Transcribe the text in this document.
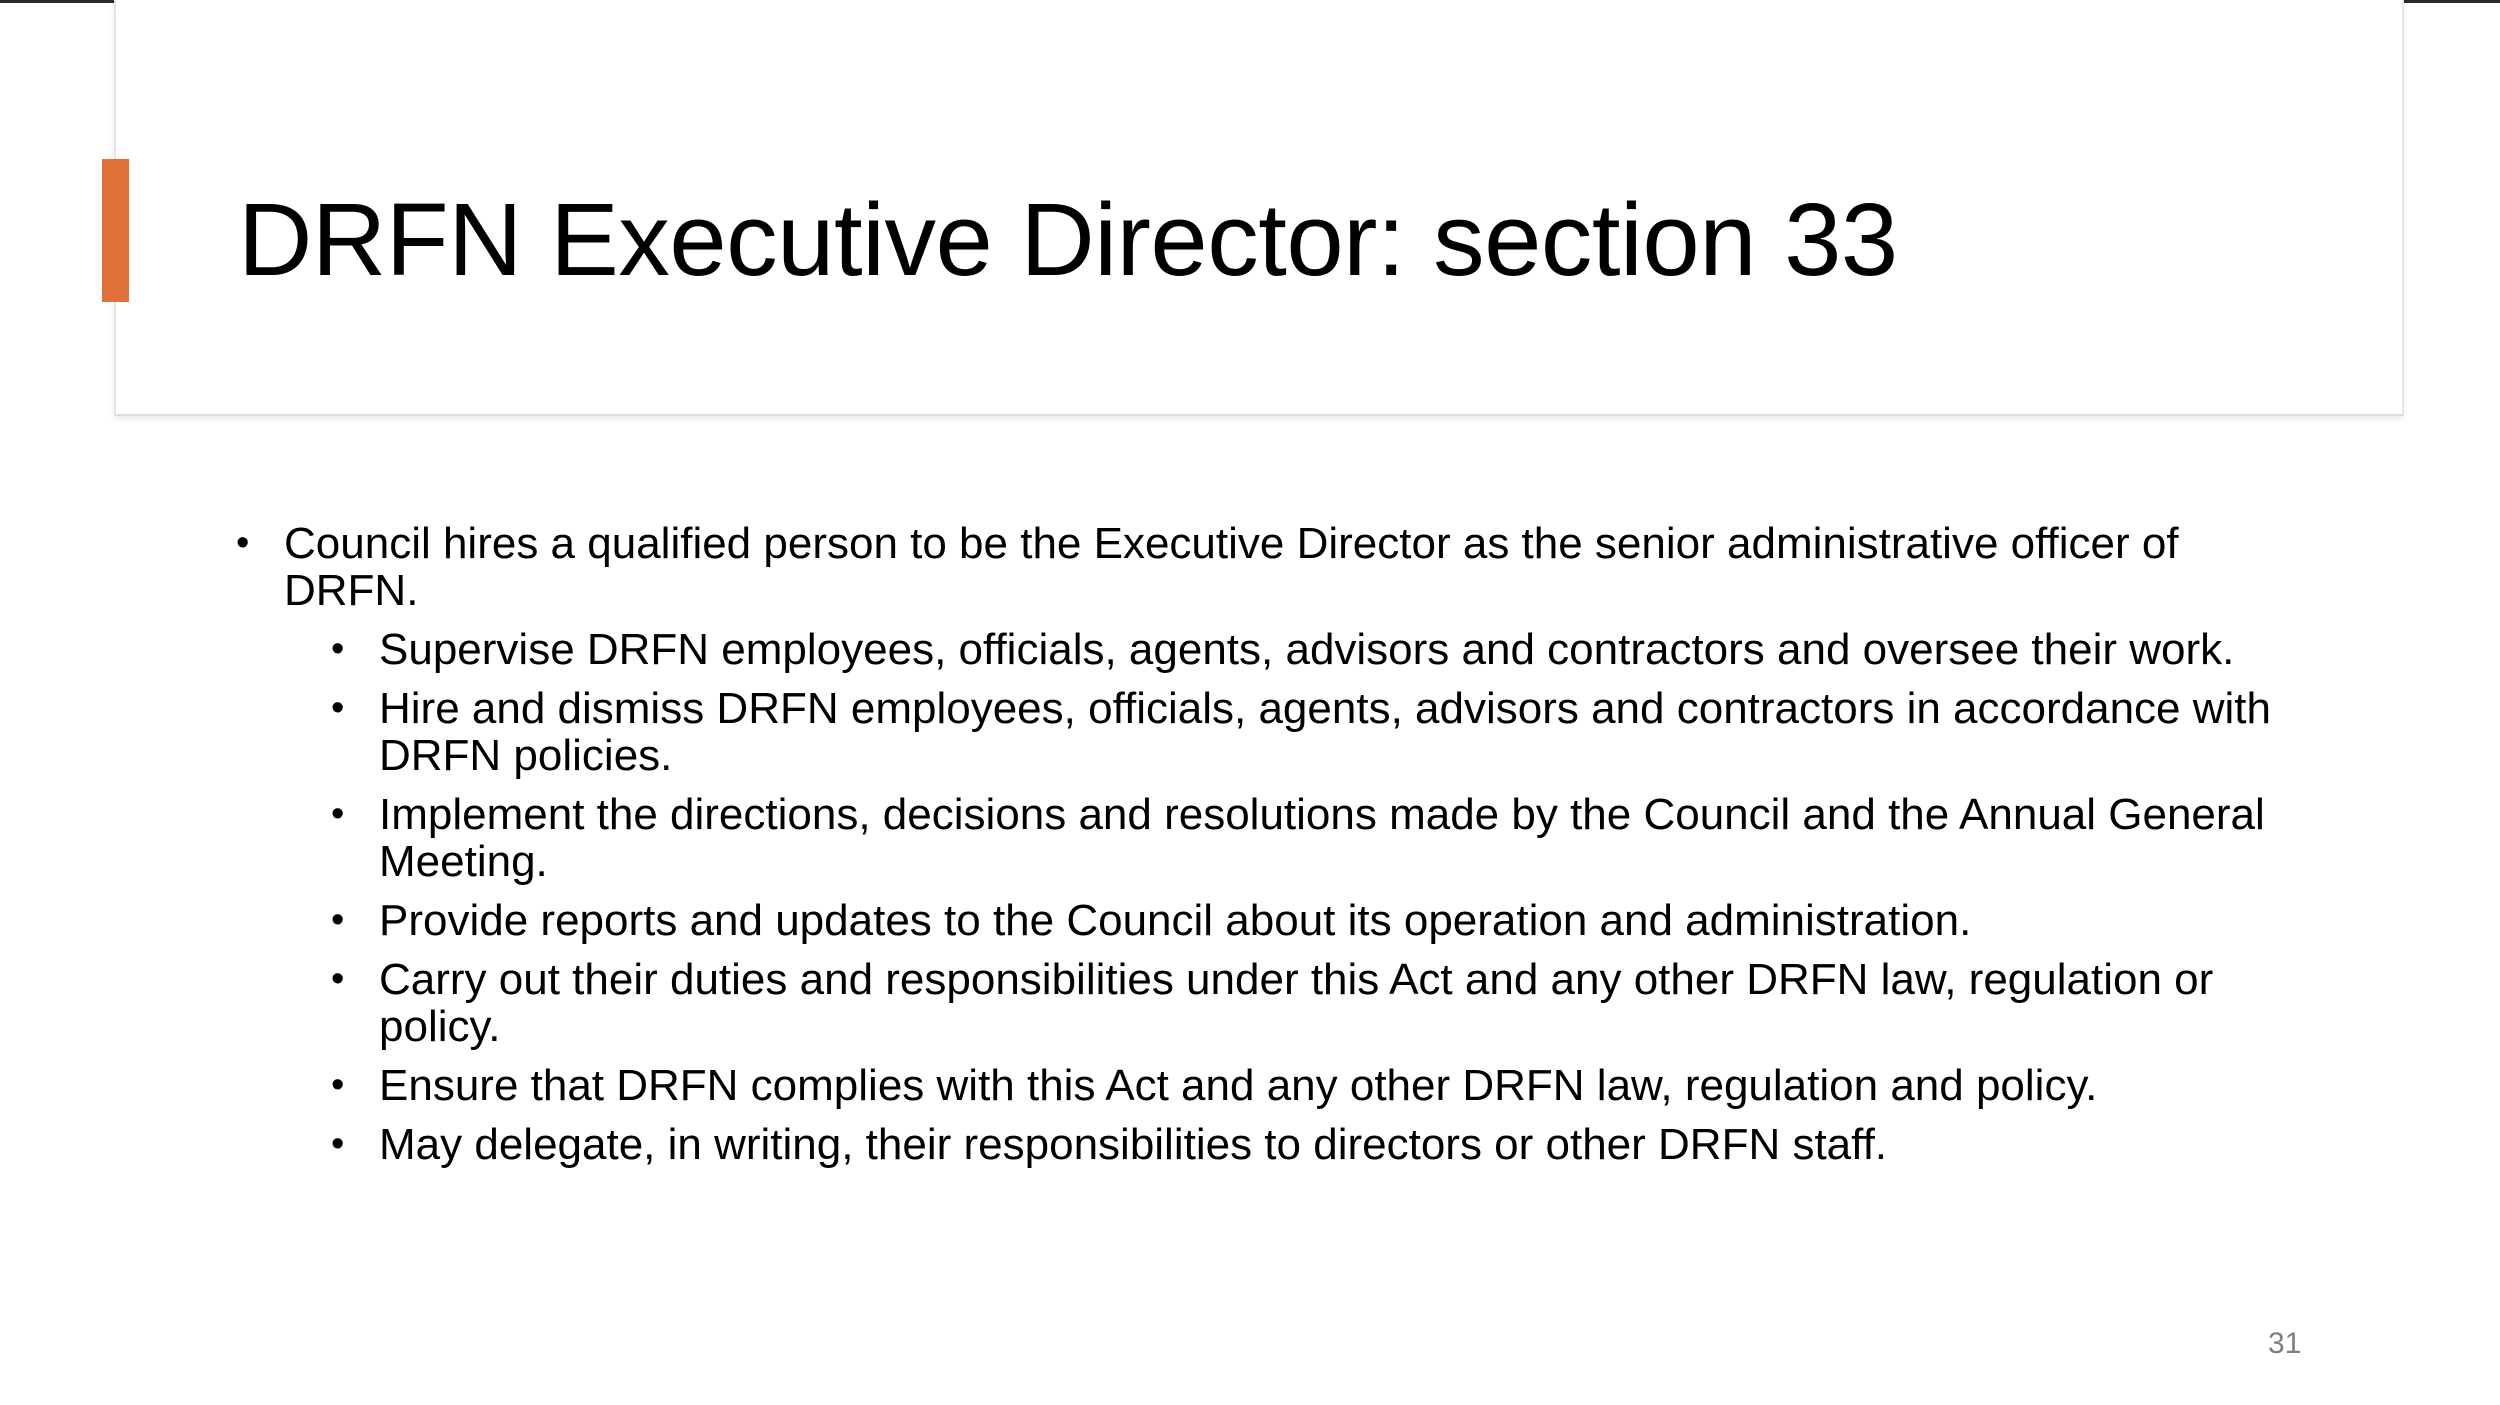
DRFN Executive Director: section 33
• Council hires a qualified person to be the Executive Director as the senior administrative officer of DRFN.
• Supervise DRFN employees, officials, agents, advisors and contractors and oversee their work.
• Hire and dismiss DRFN employees, officials, agents, advisors and contractors in accordance with DRFN policies.
• Implement the directions, decisions and resolutions made by the Council and the Annual General Meeting.
• Provide reports and updates to the Council about its operation and administration.
• Carry out their duties and responsibilities under this Act and any other DRFN law, regulation or policy.
• Ensure that DRFN complies with this Act and any other DRFN law, regulation and policy.
• May delegate, in writing, their responsibilities to directors or other DRFN staff.
31
